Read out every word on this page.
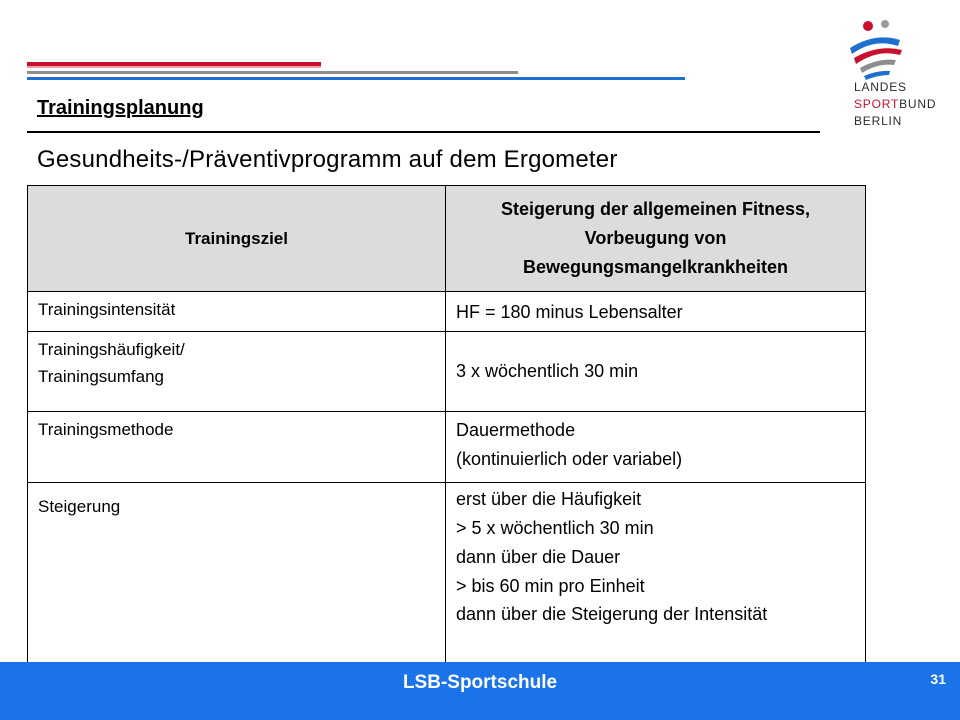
Trainingsplanung
Gesundheits-/Präventivprogramm auf dem Ergometer
LANDES
SPORTBUND
BERLIN
Trainingsziel	Steigerung der allgemeinen Fitness, Vorbeugung von Bewegungsmangelkrankheiten

Trainingsintensität	HF = 180 minus Lebensalter

Trainingshäufigkeit/
Trainingsumfang	3 x wöchentlich 30 min

Trainingsmethode	Dauermethode
(kontinuierlich oder variabel)

Steigerung	erst über die Häufigkeit
> 5 x wöchentlich 30 min
dann über die Dauer
> bis 60 min pro Einheit
dann über die Steigerung der Intensität
LSB-Sportschule	31
